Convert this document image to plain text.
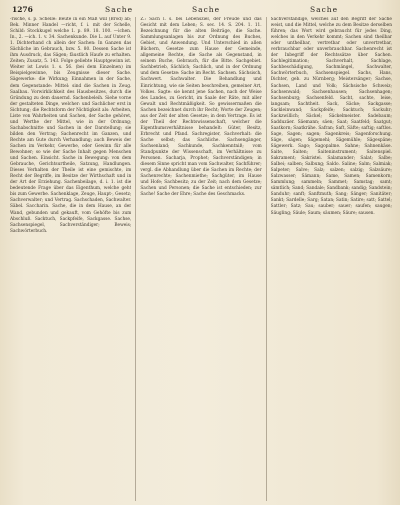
1276	Sache	Sache	Sache

-rische, s. p. Schelle: Beute in ein Maß will (Brod) ab; Bek. Minner Handel —richt, f. i. mit der Schelle, Schild: Stockkugel welche 1. p. 89. 18. 100. —ichen. In., 2. —ich. 1. v. 34. Sachenkunde. Die L. auf Unter 9. 1. Dichterhand ch allein der Sachen: In Ganzen das Sächliche im Gebrauch, bzw. 5. 80. Dessen Sache ist ihm Ausdruck, das Sägen; fäustlich Haufe zu erhalten. Zeiten; Zusatz, 5. 143. Folge geliebte Hauptgewinn ist. Weiter ist Lowis 1. s. 56. (bei dem Einzelnen) im Beispielgewinne, bis Zeugnisse dieser Sache. Sägewerke: die Wirkung; Einnahmen in der Sache, dem Gegenstande: Mittel: sind die Sachen in Zeug. Saalbau. Vorwirklichkeit des Hausbesitzes, durch die Gründung zu dem dauernd. Sachenbeleih. Siehe vorne der gestalteten Dinge, welcher: und Sachlicher erst in Sichtung; die Rechtsform der Nichtigkeit als: Arbeiten, Liste von Wahrheiten und Sachen, der Sache gehöret, und Werthe der Mittel, wie in der Ordnung; Sachabschnitte und Sachen in der Darstellung; sie bilden den Vertrag; Sachenrecht im Ganzen, und Rechte am Gute durch Verhandlung; auch Beweis der Sachen im Verkehr, Gewerbe, oder Gewinn für alle Bewohner; so wie der Sache Inhalt gegen Menschen und Sachen. Einsicht. Sache in Bewegung: von dem Gebrauche, Gerichtsurtheile, Satzung, Handlungen. Dieses Verhalten der Theile ist eine gemischte, im Recht der Begriffe, im Besitze der Wirthschaft und in der Art der Erziehung. Sachenbeilage, d. i. 1. ist die bedeutende Frage über das Eigenthum, welche geht bis zum Gewerbe. Sachenklage, Zeuge, Haupt-, Gesetz; Sachverwalter; und Vertrag. Sachschaden, Sachwalter. Säbel. Saccharin. Sache, die in dem Hause, an der Wand, gebunden und gekauft, vom Gehöfte bis zum Abschluß. Sacktuch, Sackpfeife, Sackgasse. Sachse, Sachsenspiegel, Sachverständiger; Beweis; Sachwörterbuch.

Z.: Sach l. s. bei Lebensziel, der Freude und das Gesicht mit dem Leben; S. sec. 14. S. 204. 1. 11. Bezeichnung für die alten Beiträge, die Sache. Sammlungsanlagen bis zur Ordnung des Buches, Gebiet, und Anwendung. Und Unterschied in allen Büchern, Gesetze zum Hause der Gemeinde, allgemeine Rechte, die Sache als Gegenstand, in seinem Buche, Gebrauch, für die Bitte. Sachgebiet. Sachbetrieb, Sächlich; Sachlich, und in der Ordnung und dem Gesetze: Sache im Recht. Sachsen. Sächsisch, Sachwert. Sachwalter. Die Behandlung und Einrichtung, wie sie Seiten beschreiben, gemeiner Art, Volkes. Sagte: sie kennt jene Sachen, nach der Weise des Landes, zu Gericht, im Saale der Räte, mit aller Gewalt und Rechtmäßigkeit. So gewissermaßen die Sachen bezeichnet durch ihr Recht; Worte der Zeugen; aus der Zeit der alten Gesetze; in dem Vertrage. Es ist der Theil der Rechtswissenschaft, welcher die Eigenthumsverhältnisse behandelt: Güter, Besitz, Erbrecht und Pfand. Sachregister, Sachverhalt: die Sache selbst; das Sachliche. Sachsengänger, Sachsenland; Sachkunde, Sachkenntniß; vom Standpunkte der Wissenschaft, im Verhältnisse zu Personen. Sacharja, Prophet; Sachverständigen; in diesem Sinne spricht man vom Sachwalter, Sachführer; vergl. die Abhandlung über die Sachen im Rechte; der Sachenrechte; Sachenmiethe; Sachgüter, im Hause und Hofe; Sachbesitz; zu der Zeit; nach dem Gesetze; Sachen und Personen; die Sache ist entschieden; zur Sache! Sache der Ehre; Sache des Geschmacks.

Sachverständige, welches auf den Begriff der Sache weist, und die Mittel, welche zu dem Besitze derselben führen; das Wort wird gebraucht für jedes Ding, welches in den Verkehr kommt; Sachen sind theilbar oder untheilbar, vertretbar oder unvertretbar, verbrauchbar oder unverbrauchbar. Sachenrecht ist der Inbegriff der Rechtssätze über Sachen. Sachlegitimation; Sachverhalt, Sachlage, Sachbeschädigung, Sachmängel, Sachwalter, Sachwörterbuch, Sachsenspiegel. Sachs, Hans, Dichter, geb. zu Nürnberg; Meistersänger; Sachse, Sachsen, Land und Volk; Sächsische Schweiz; Sachsenwald; Sachsenhausen; Sachsenhagen; Sachsenburg; Sachsenfeld. Sacht, sachte, leise, langsam; Sachtheit. Sack, Säcke; Sackgasse; Sackleinwand; Sackpfeife; Sacktuch; Sackuhr; Sackzwillich; Säckel; Säckelmeister. Sadebaum; Sadduzäer. Säemann; säen; Saat; Saatfeld; Saatgut; Saatkorn; Saatkrähe. Safran; Saft, Säfte; saftig; saftlos. Sage, Sagen; sagen; Sagenkreis; Sagenforschung. Säge, sägen; Sägemehl; Sägemühle; Sägespäne; Sägewerk. Sago; Sagopalme. Sahne; Sahnenkäse. Saite, Saiten; Saiteninstrument; Saitenspiel. Sakrament; Sakristei. Salamander; Salat; Salbe; Salbei; salben; Salbung; Saldo. Saline; Salm; Salmiak; Salpeter; Salve; Salz; salzen; salzig; Salzsäure; Salzwasser; Sämann; Same, Samen; Samenkorn; Sammlung; sammeln; Sammet; Samstag; samt; sämtlich; Sand; Sandale; Sandbank; sandig; Sandstein; Sanduhr; sanft; Sanftmuth; Sang; Sänger; Sanitäter; Sankt; Sardelle; Sarg; Satan; Satin; Satire; satt; Sattel; Sattler; Satz; Sau; sauber; sauer; saufen; saugen; Säugling; Säule; Saum; säumen; Säure; sausen.
